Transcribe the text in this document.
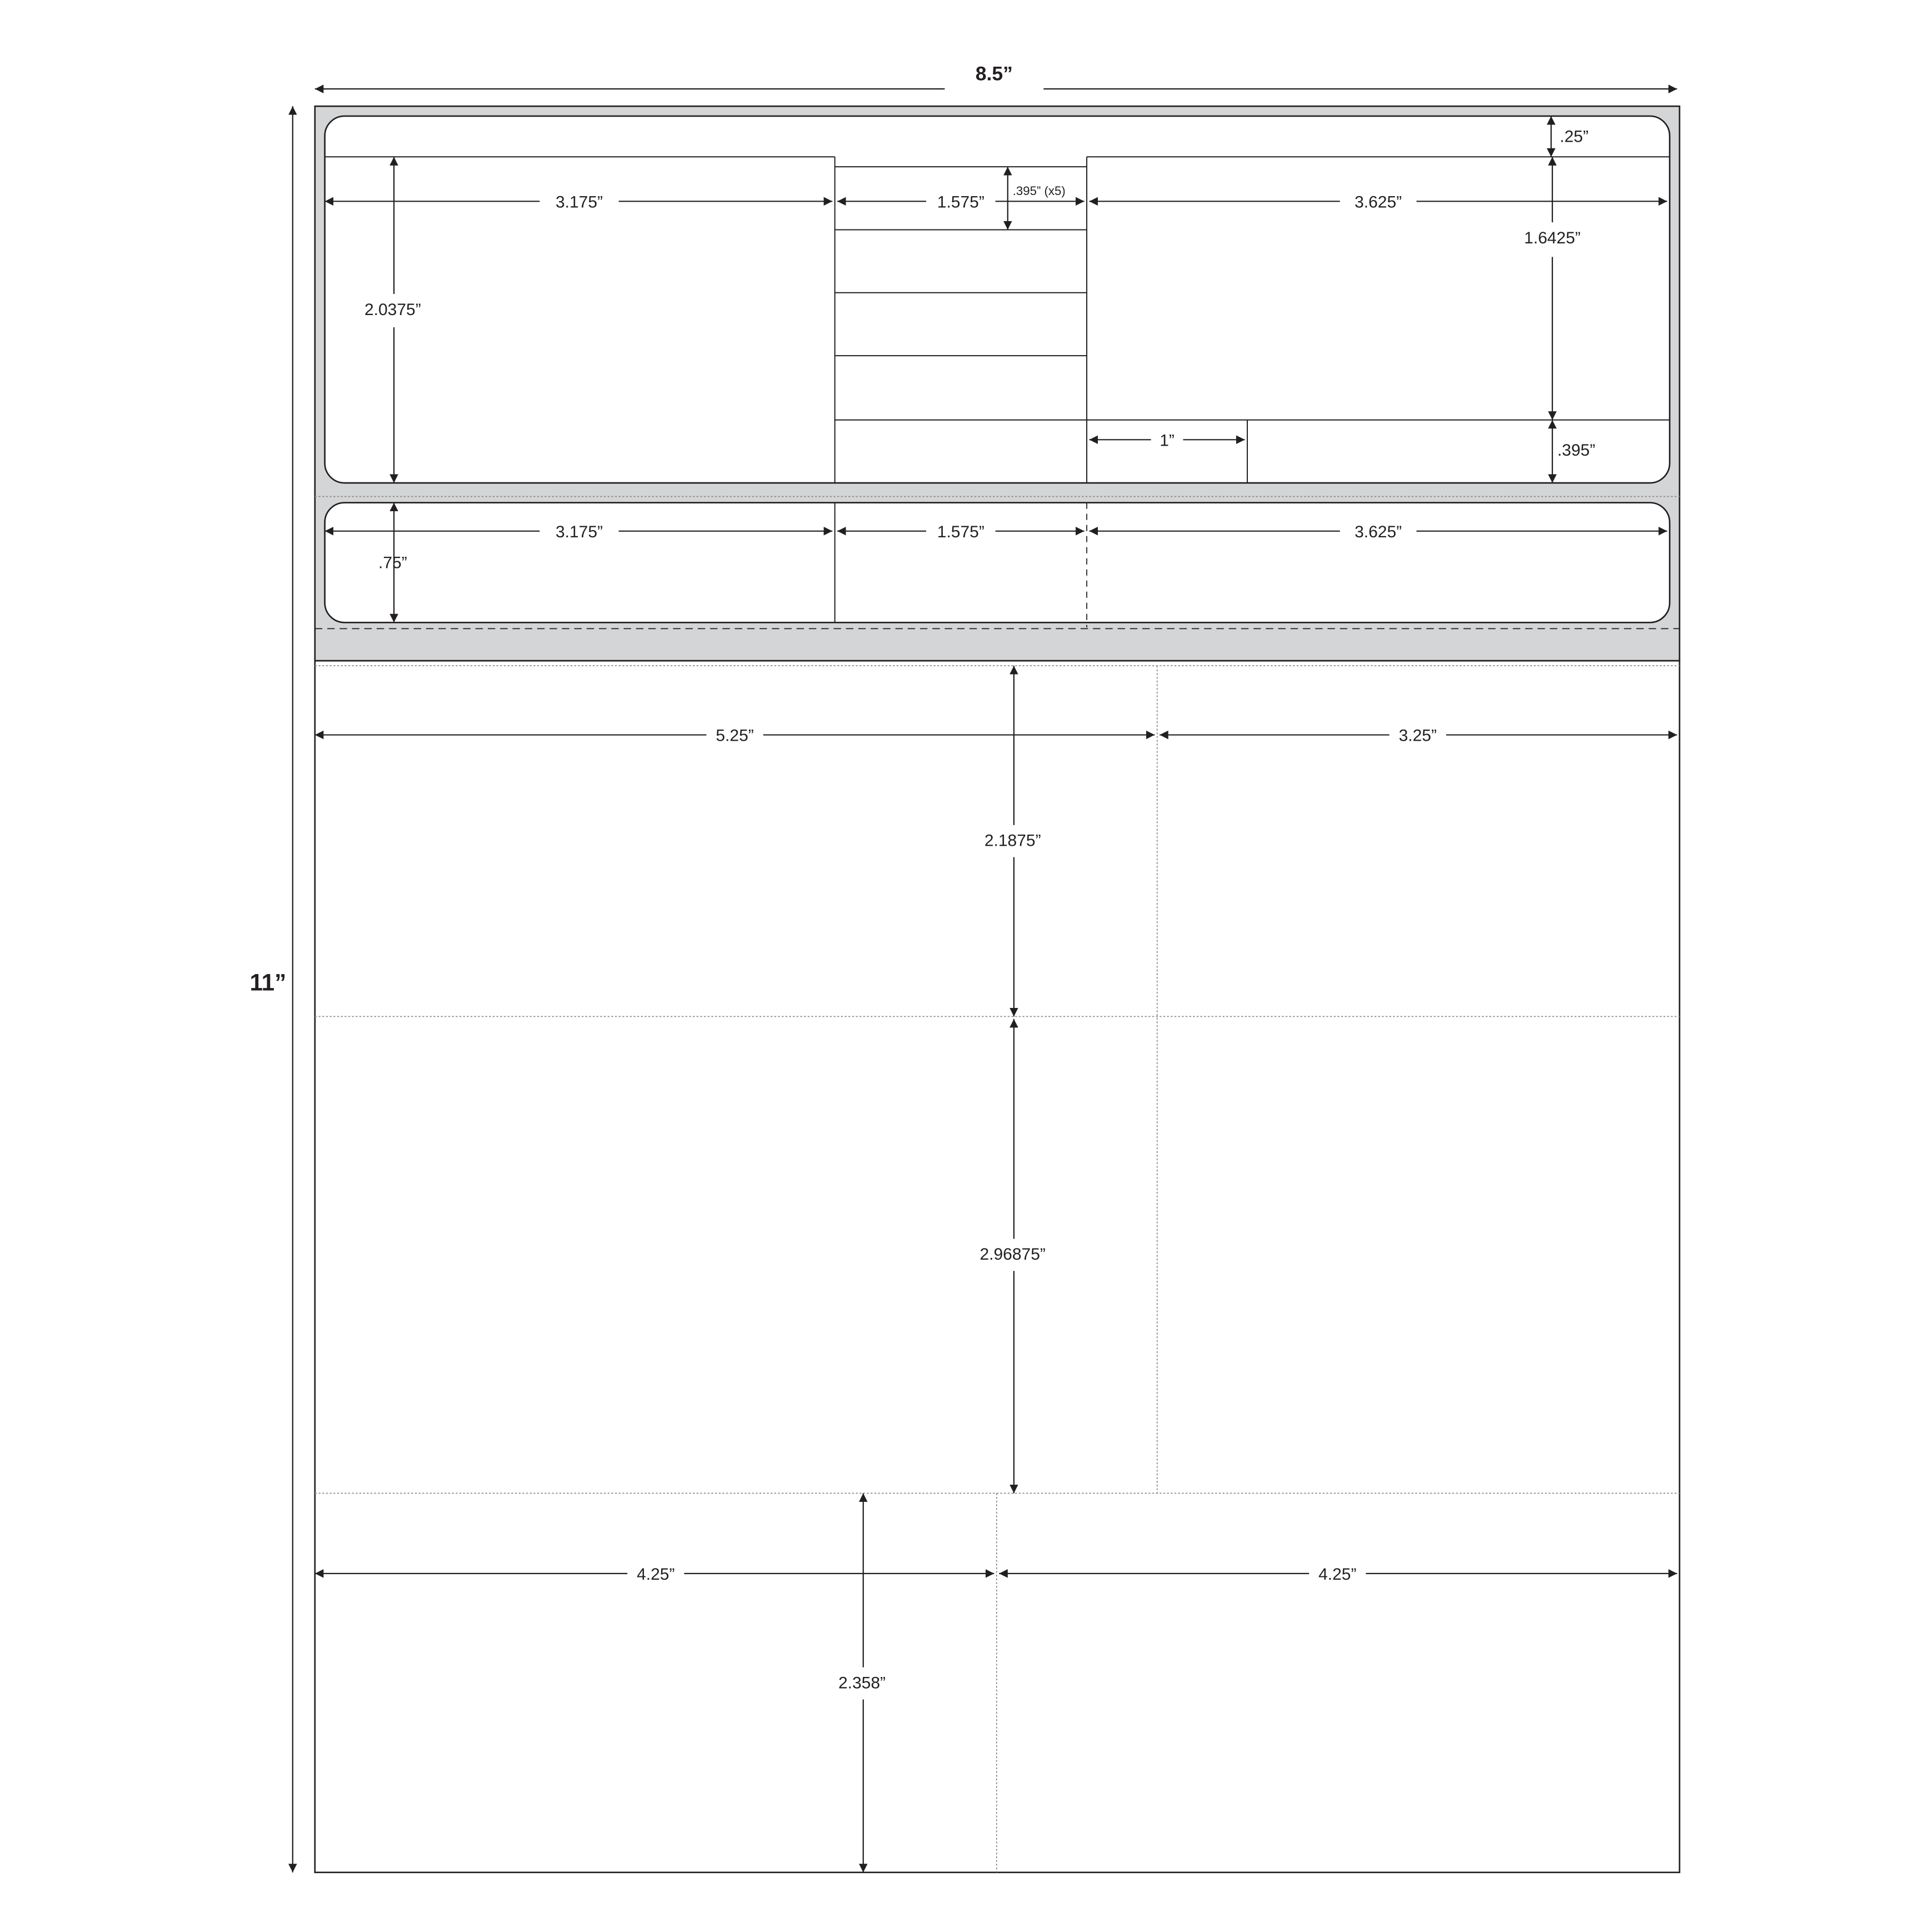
8.5”
11”
.25”
3.175”
2.0375”
1.575”
.395” (x5)
3.625”
1.6425”
1”
.395”
3.175”	1.575”	3.625”
.75”
5.25”	3.25”
2.1875”
2.96875”
4.25”	4.25”
2.358”
